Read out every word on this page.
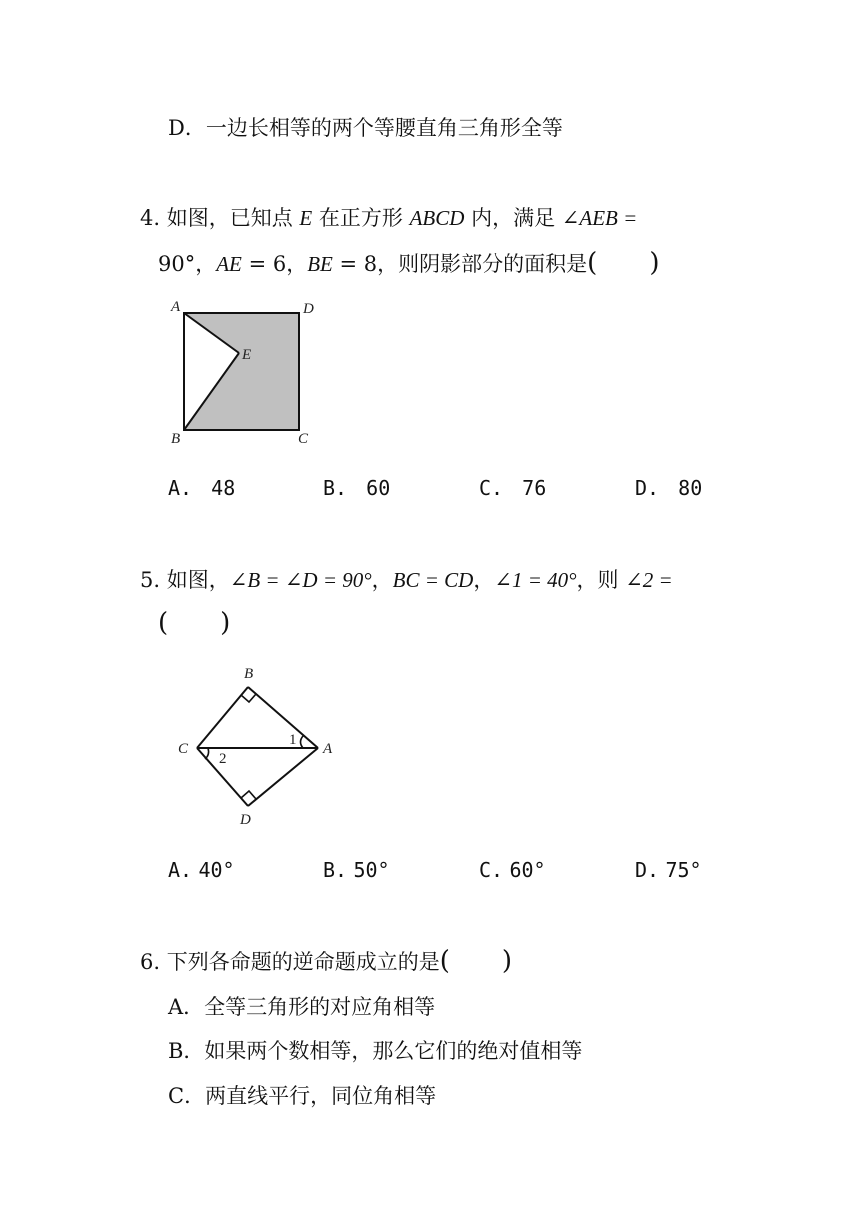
D．一边长相等的两个等腰直角三角形全等
4. 如图，已知点 E 在正方形 ABCD 内，满足 ∠AEB =
90°，AE = 6，BE = 8，则阴影部分的面积是(　　)
A	D
E
B	C
A. 48	B. 60	C. 76	D. 80
5. 如图，∠B = ∠D = 90°，BC = CD，∠1 = 40°，则 ∠2 =
(　　)
B
C	A
D
1
2
A. 40°	B. 50°	C. 60°	D. 75°
6. 下列各命题的逆命题成立的是(　　)
A．全等三角形的对应角相等
B．如果两个数相等，那么它们的绝对值相等
C．两直线平行，同位角相等
